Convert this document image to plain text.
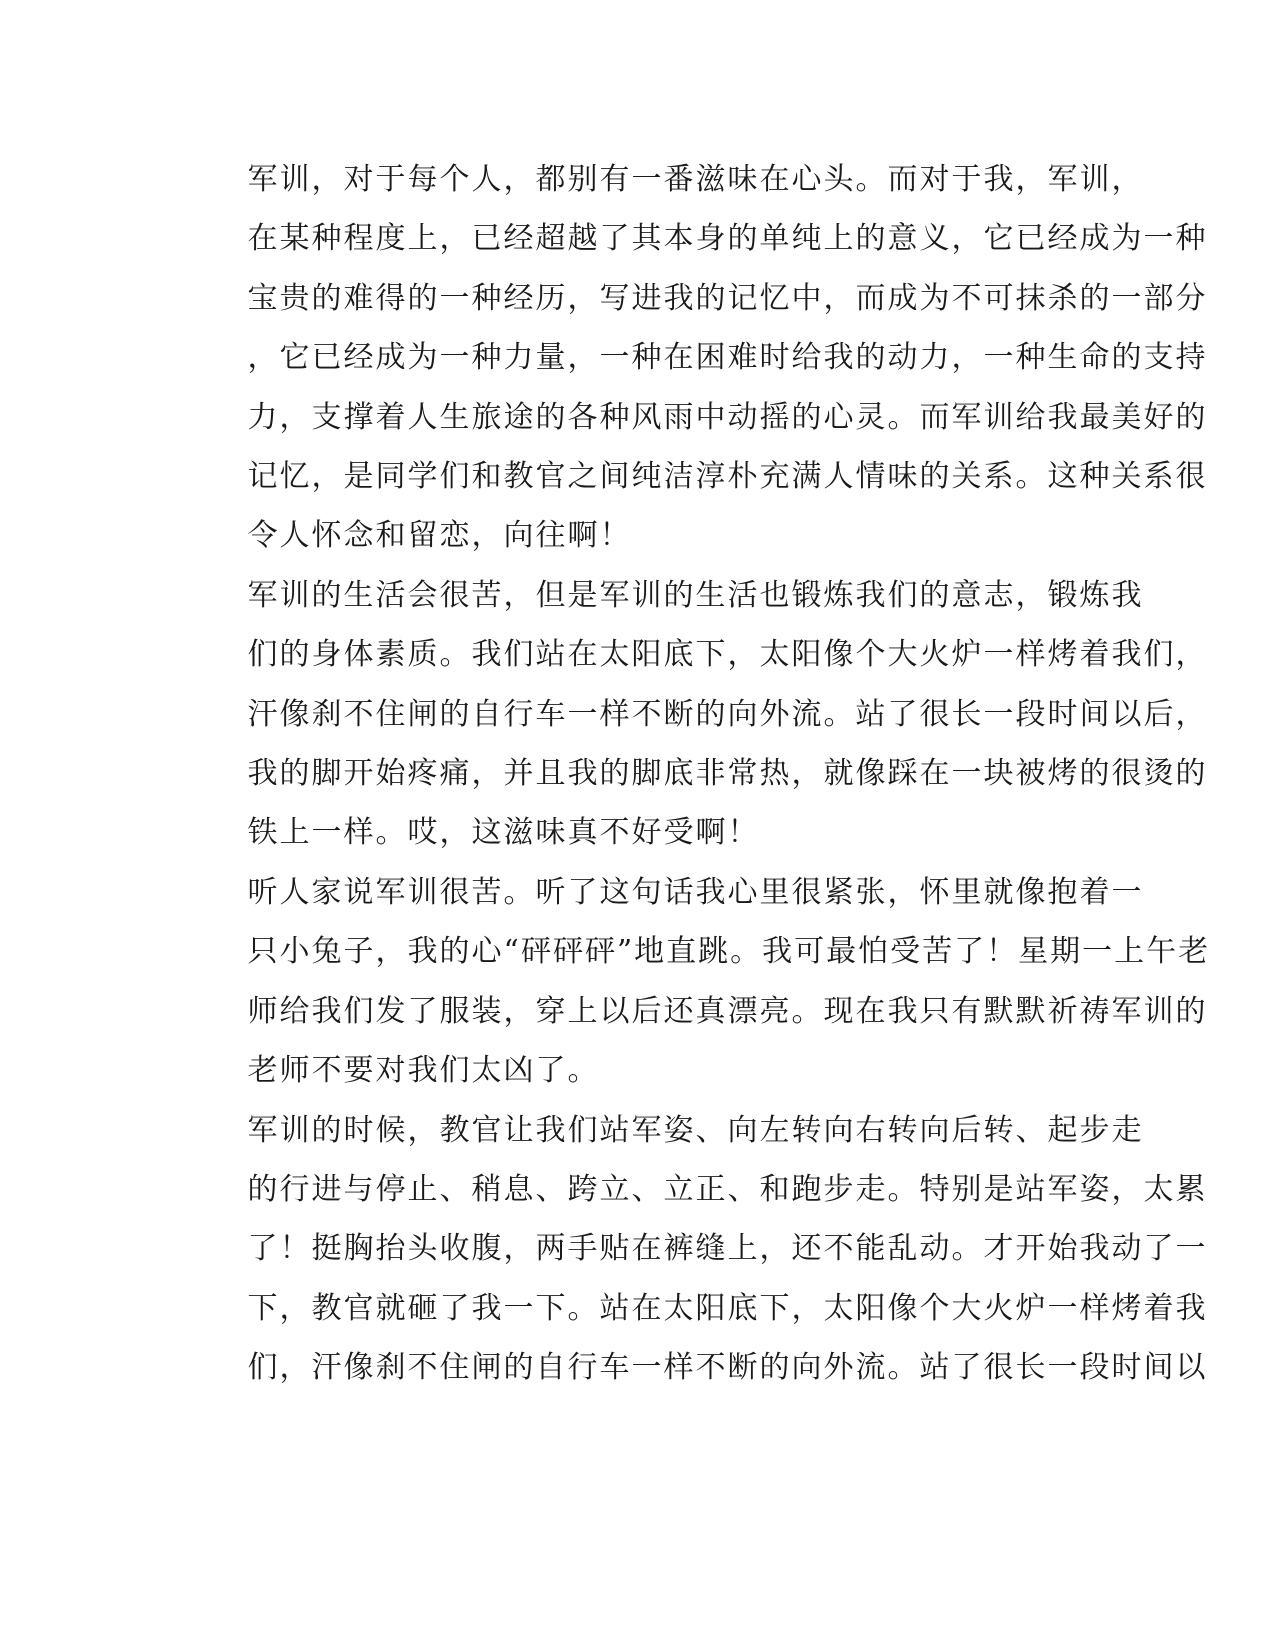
军训，对于每个人，都别有一番滋味在心头。而对于我，军训，
在某种程度上，已经超越了其本身的单纯上的意义，它已经成为一种
宝贵的难得的一种经历，写进我的记忆中，而成为不可抹杀的一部分
，它已经成为一种力量，一种在困难时给我的动力，一种生命的支持
力，支撑着人生旅途的各种风雨中动摇的心灵。而军训给我最美好的
记忆，是同学们和教官之间纯洁淳朴充满人情味的关系。这种关系很
令人怀念和留恋，向往啊！

军训的生活会很苦，但是军训的生活也锻炼我们的意志，锻炼我
们的身体素质。我们站在太阳底下，太阳像个大火炉一样烤着我们，
汗像刹不住闸的自行车一样不断的向外流。站了很长一段时间以后，
我的脚开始疼痛，并且我的脚底非常热，就像踩在一块被烤的很烫的
铁上一样。哎，这滋味真不好受啊！

听人家说军训很苦。听了这句话我心里很紧张，怀里就像抱着一
只小兔子，我的心“砰砰砰”地直跳。我可最怕受苦了！星期一上午老
师给我们发了服装，穿上以后还真漂亮。现在我只有默默祈祷军训的
老师不要对我们太凶了。

军训的时候，教官让我们站军姿、向左转向右转向后转、起步走
的行进与停止、稍息、跨立、立正、和跑步走。特别是站军姿，太累
了！挺胸抬头收腹，两手贴在裤缝上，还不能乱动。才开始我动了一
下，教官就砸了我一下。站在太阳底下，太阳像个大火炉一样烤着我
们，汗像刹不住闸的自行车一样不断的向外流。站了很长一段时间以
